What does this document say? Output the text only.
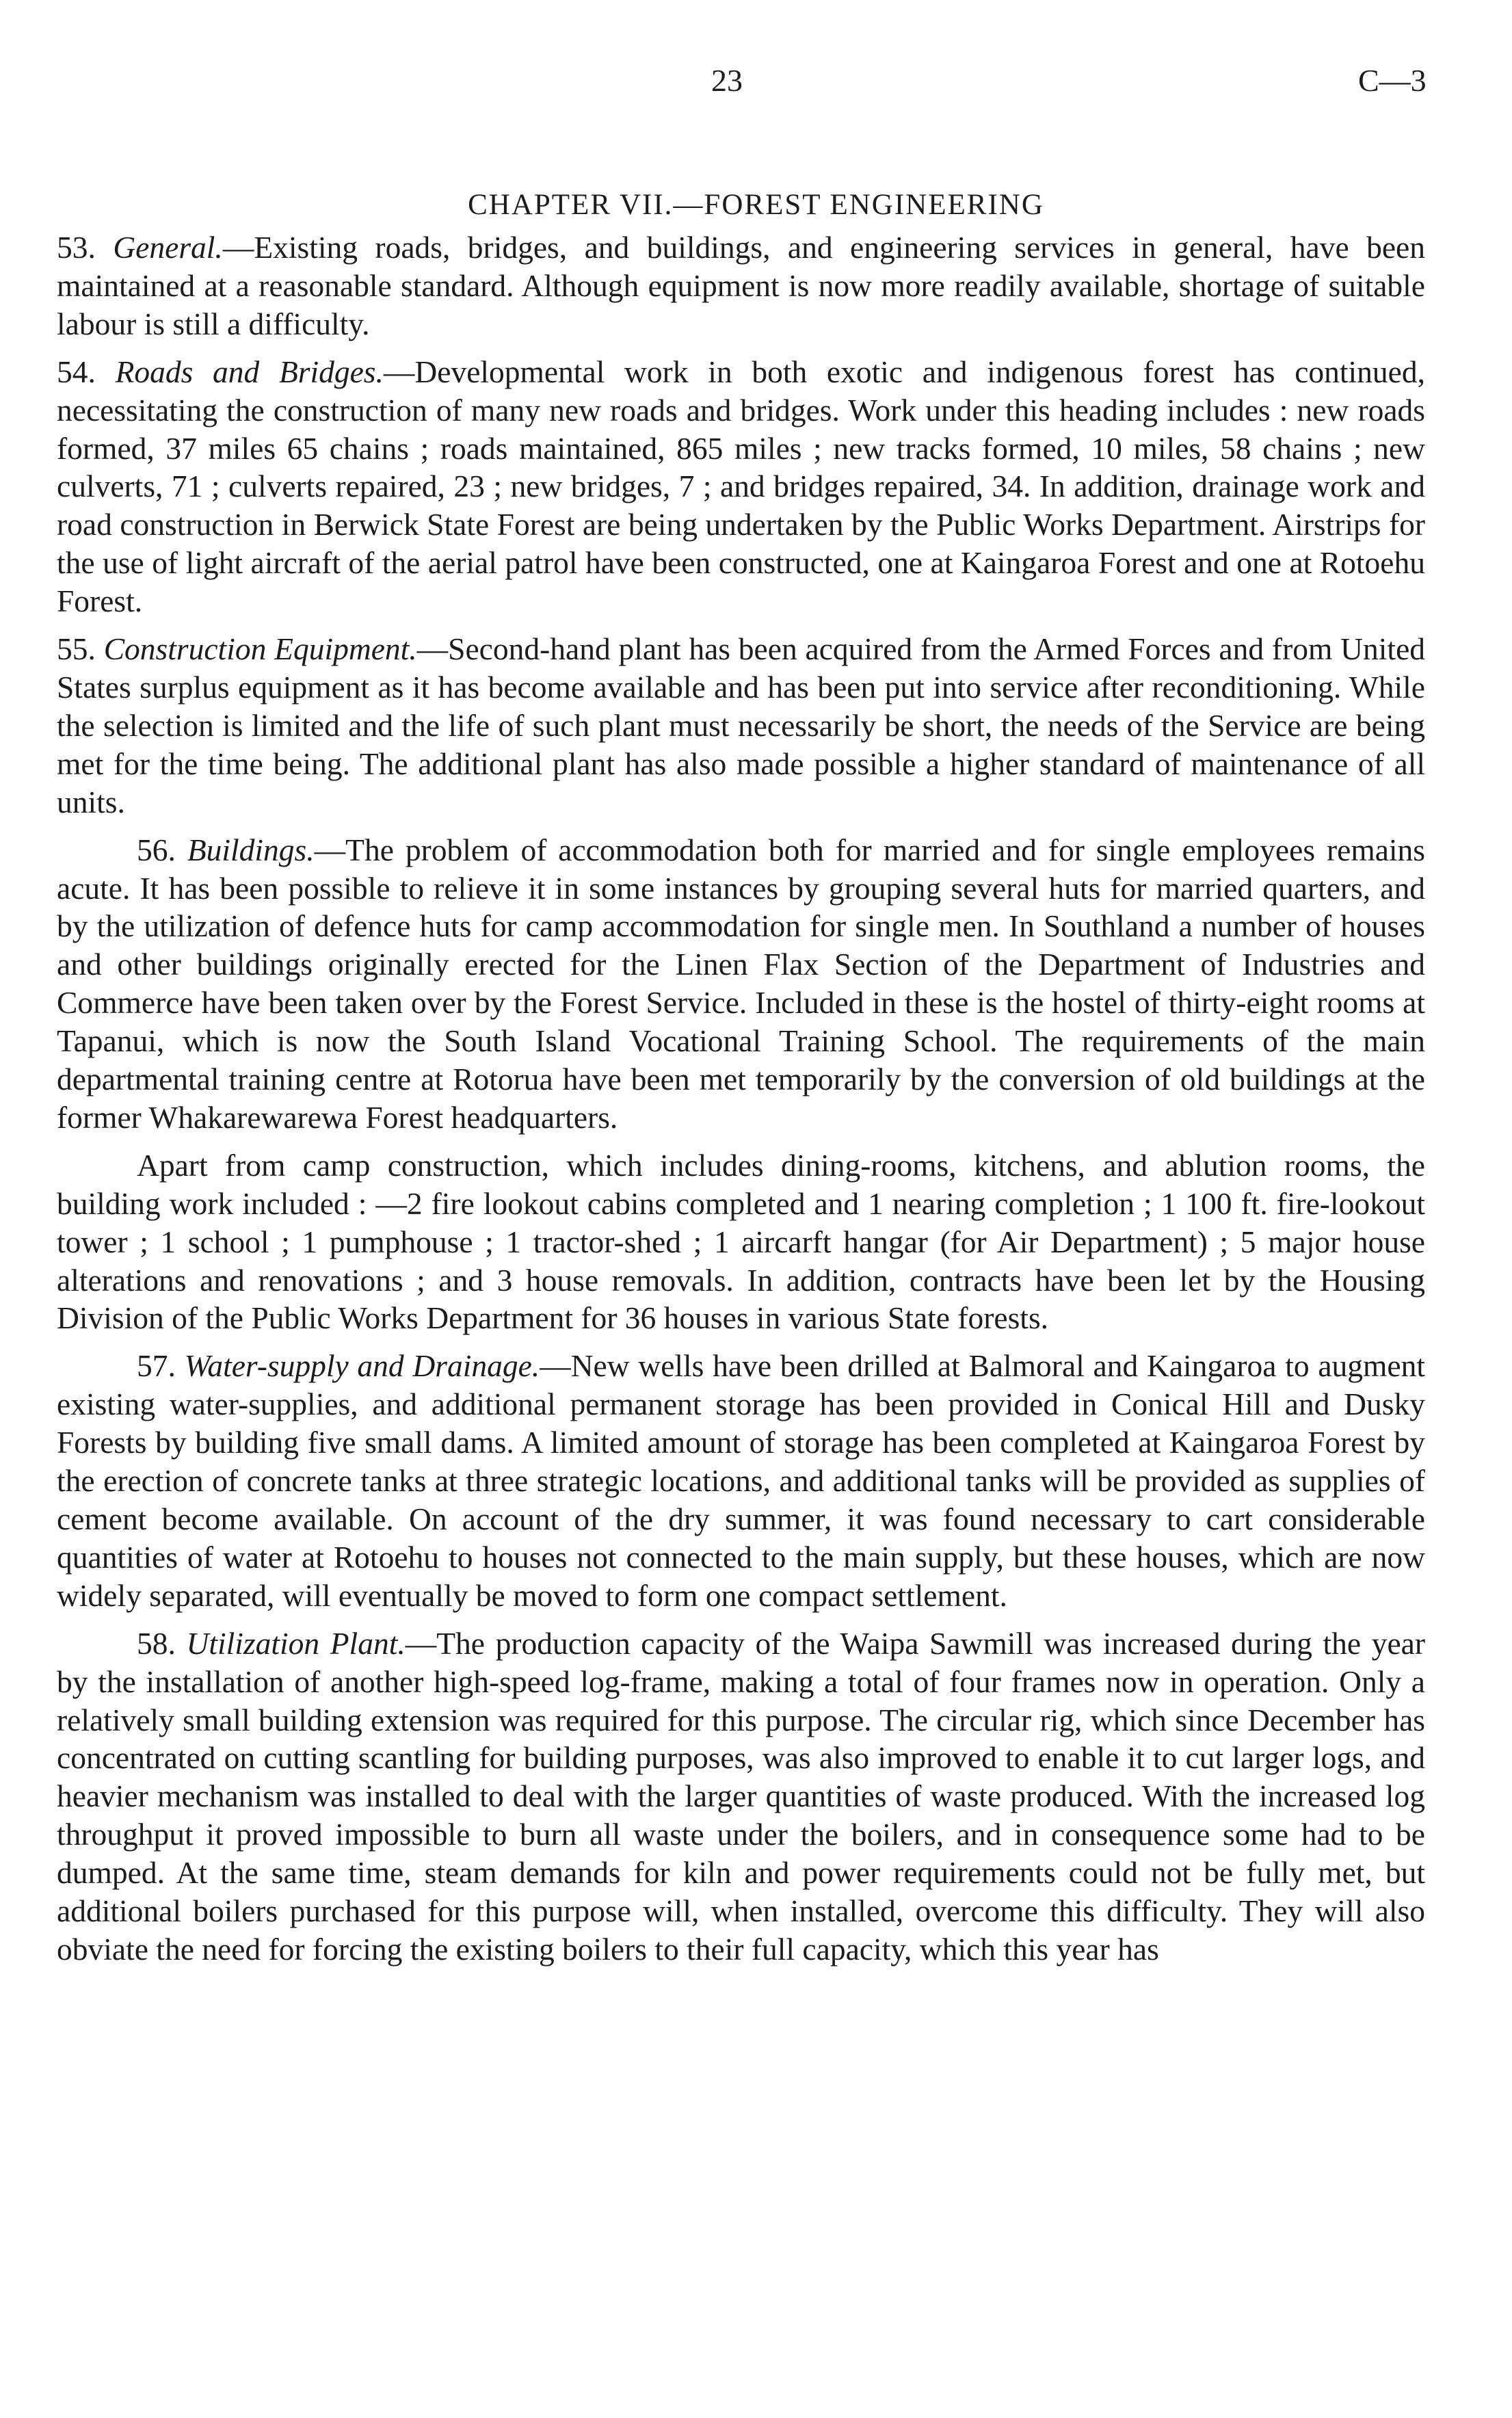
23	C—3
CHAPTER VII.—FOREST ENGINEERING

53. General.—Existing roads, bridges, and buildings, and engineering services in general, have been maintained at a reasonable standard. Although equipment is now more readily available, shortage of suitable labour is still a difficulty.

54. Roads and Bridges.—Developmental work in both exotic and indigenous forest has continued, necessitating the construction of many new roads and bridges. Work under this heading includes : new roads formed, 37 miles 65 chains ; roads maintained, 865 miles ; new tracks formed, 10 miles, 58 chains ; new culverts, 71 ; culverts repaired, 23 ; new bridges, 7 ; and bridges repaired, 34. In addition, drainage work and road construction in Berwick State Forest are being undertaken by the Public Works Department. Airstrips for the use of light aircraft of the aerial patrol have been constructed, one at Kaingaroa Forest and one at Rotoehu Forest.

55. Construction Equipment.—Second-hand plant has been acquired from the Armed Forces and from United States surplus equipment as it has become available and has been put into service after reconditioning. While the selection is limited and the life of such plant must necessarily be short, the needs of the Service are being met for the time being. The additional plant has also made possible a higher standard of maintenance of all units.

56. Buildings.—The problem of accommodation both for married and for single employees remains acute. It has been possible to relieve it in some instances by grouping several huts for married quarters, and by the utilization of defence huts for camp accommodation for single men. In Southland a number of houses and other buildings originally erected for the Linen Flax Section of the Department of Industries and Commerce have been taken over by the Forest Service. Included in these is the hostel of thirty-eight rooms at Tapanui, which is now the South Island Vocational Training School. The requirements of the main departmental training centre at Rotorua have been met temporarily by the conversion of old buildings at the former Whakarewarewa Forest headquarters.

Apart from camp construction, which includes dining-rooms, kitchens, and ablution rooms, the building work included : —2 fire lookout cabins completed and 1 nearing completion ; 1 100 ft. fire-lookout tower ; 1 school ; 1 pumphouse ; 1 tractor-shed ; 1 aircarft hangar (for Air Department) ; 5 major house alterations and renovations ; and 3 house removals. In addition, contracts have been let by the Housing Division of the Public Works Department for 36 houses in various State forests.

57. Water-supply and Drainage.—New wells have been drilled at Balmoral and Kaingaroa to augment existing water-supplies, and additional permanent storage has been provided in Conical Hill and Dusky Forests by building five small dams. A limited amount of storage has been completed at Kaingaroa Forest by the erection of concrete tanks at three strategic locations, and additional tanks will be provided as supplies of cement become available. On account of the dry summer, it was found necessary to cart considerable quantities of water at Rotoehu to houses not connected to the main supply, but these houses, which are now widely separated, will eventually be moved to form one compact settlement.

58. Utilization Plant.—The production capacity of the Waipa Sawmill was increased during the year by the installation of another high-speed log-frame, making a total of four frames now in operation. Only a relatively small building extension was required for this purpose. The circular rig, which since December has concentrated on cutting scantling for building purposes, was also improved to enable it to cut larger logs, and heavier mechanism was installed to deal with the larger quantities of waste produced. With the increased log throughput it proved impossible to burn all waste under the boilers, and in consequence some had to be dumped. At the same time, steam demands for kiln and power requirements could not be fully met, but additional boilers purchased for this purpose will, when installed, overcome this difficulty. They will also obviate the need for forcing the existing boilers to their full capacity, which this year has
